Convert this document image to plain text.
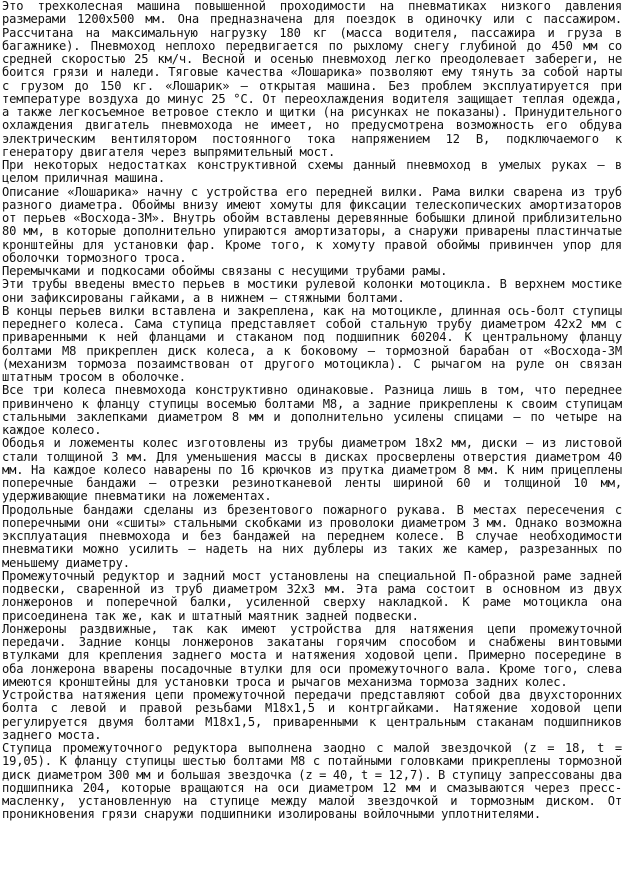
Это трехколесная машина повышенной проходимости на пневматиках низкого давления размерами 1200х500 мм. Она предназначена для поездок в одиночку или с пассажиром. Рассчитана на максимальную нагрузку 180 кг (масса водителя, пассажира и груза в багажнике). Пневмоход неплохо передвигается по рыхлому снегу глубиной до 450 мм со средней скоростью 25 км/ч. Весной и осенью пневмоход легко преодолевает забереги, не боится грязи и наледи. Тяговые качества «Лошарика» позволяют ему тянуть за собой нарты с грузом до 150 кг. «Лошарик» – открытая машина. Без проблем эксплуатируется при температуре воздуха до минус 25 °С. От переохлаждения водителя защищает теплая одежда, а также легкосъемное ветровое стекло и щитки (на рисунках не показаны). Принудительного охлаждения двигатель пневмохода не имеет, но предусмотрена возможность его обдува электрическим вентилятором постоянного тока напряжением 12 В, подключаемого к генератору двигателя через выпрямительный мост.

При некоторых недостатках конструктивной схемы данный пневмоход в умелых руках – в целом приличная машина.

Описание «Лошарика» начну с устройства его передней вилки. Рама вилки сварена из труб разного диаметра. Обоймы внизу имеют хомуты для фиксации телескопических амортизаторов от перьев «Восхода-3М». Внутрь обойм вставлены деревянные бобышки длиной приблизительно 80 мм, в которые дополнительно упираются амортизаторы, а снаружи приварены пластинчатые кронштейны для установки фар. Кроме того, к хомуту правой обоймы привинчен упор для оболочки тормозного троса.

Перемычками и подкосами обоймы связаны с несущими трубами рамы.

Эти трубы введены вместо перьев в мостики рулевой колонки мотоцикла. В верхнем мостике они зафиксированы гайками, а в нижнем – стяжными болтами.

В концы перьев вилки вставлена и закреплена, как на мотоцикле, длинная ось-болт ступицы переднего колеса. Сама ступица представляет собой стальную трубу диаметром 42х2 мм с приваренными к ней фланцами и стаканом под подшипник 60204. К центральному фланцу болтами М8 прикреплен диск колеса, а к боковому – тормозной барабан от «Восхода-3М (механизм тормоза позаимствован от другого мотоцикла). С рычагом на руле он связан штатным тросом в оболочке.

Все три колеса пневмохода конструктивно одинаковые. Разница лишь в том, что переднее привинчено к фланцу ступицы восемью болтами М8, а задние прикреплены к своим ступицам стальными заклепками диаметром 8 мм и дополнительно усилены спицами – по четыре на каждое колесо.

Ободья и ложементы колес изготовлены из трубы диаметром 18х2 мм, диски – из листовой стали толщиной 3 мм. Для уменьшения массы в дисках просверлены отверстия диаметром 40 мм. На каждое колесо наварены по 16 крючков из прутка диаметром 8 мм. К ним прицеплены поперечные бандажи – отрезки резинотканевой ленты шириной 60 и толщиной 10 мм, удерживающие пневматики на ложементах.

Продольные бандажи сделаны из брезентового пожарного рукава. В местах пересечения с поперечными они «сшиты» стальными скобками из проволоки диаметром 3 мм. Однако возможна эксплуатация пневмохода и без бандажей на переднем колесе. В случае необходимости пневматики можно усилить – надеть на них дублеры из таких же камер, разрезанных по меньшему диаметру.

Промежуточный редуктор и задний мост установлены на специальной П-образной раме задней подвески, сваренной из труб диаметром 32х3 мм. Эта рама состоит в основном из двух лонжеронов и поперечной балки, усиленной сверху накладкой. К раме мотоцикла она присоединена так же, как и штатный маятник задней подвески.

Лонжероны раздвижные, так как имеют устройства для натяжения цепи промежуточной передачи. Задние концы лонжеронов закатаны горячим способом и снабжены винтовыми втулками для крепления заднего моста и натяжения ходовой цепи. Примерно посередине в оба лонжерона вварены посадочные втулки для оси промежуточного вала. Кроме того, слева имеются кронштейны для установки троса и рычагов механизма тормоза задних колес.

Устройства натяжения цепи промежуточной передачи представляют собой два двухсторонних болта с левой и правой резьбами М18х1,5 и контргайками. Натяжение ходовой цепи регулируется двумя болтами М18х1,5, приваренными к центральным стаканам подшипников заднего моста.

Ступица промежуточного редуктора выполнена заодно с малой звездочкой (z = 18, t = 19,05). К фланцу ступицы шестью болтами М8 с потайными головками прикреплены тормозной диск диаметром 300 мм и большая звездочка (z = 40, t = 12,7). В ступицу запрессованы два подшипника 204, которые вращаются на оси диаметром 12 мм и смазываются через пресс-масленку, установленную на ступице между малой звездочкой и тормозным диском. От проникновения грязи снаружи подшипники изолированы войлочными уплотнителями.
